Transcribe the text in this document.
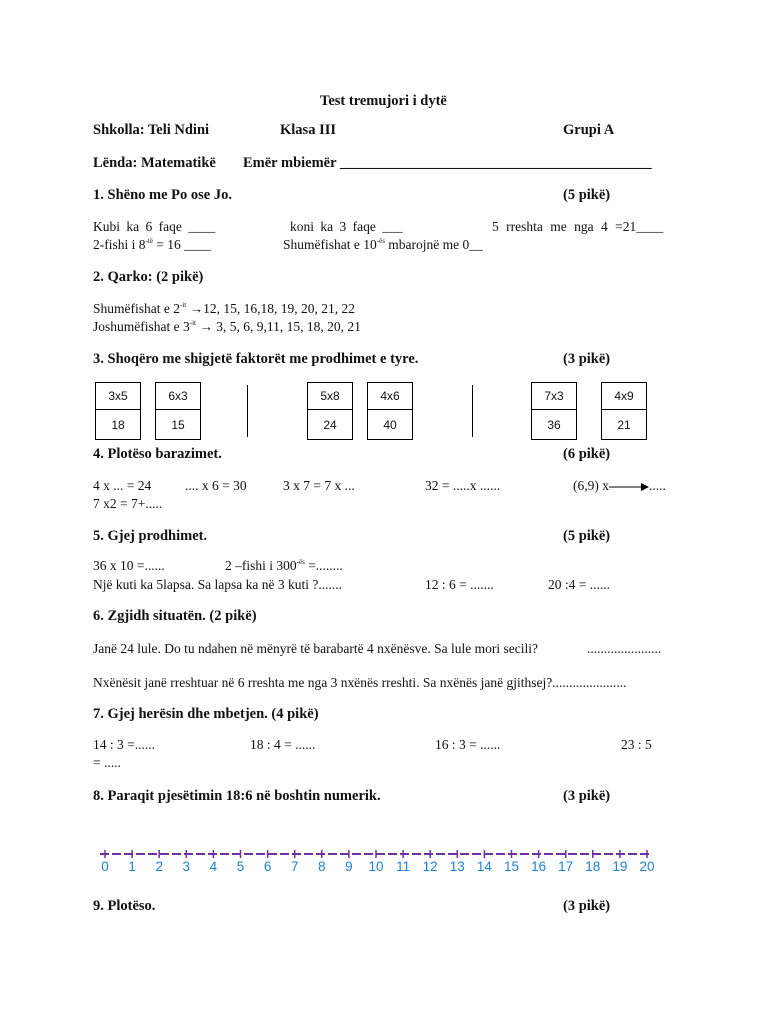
Test tremujori i dytë
Shkolla: Teli Ndini	Klasa III	Grupi A
Lënda: Matematikë Emër mbiemër ___________________________________________
1. Shëno me Po ose Jo.	(5 pikë)
Kubi ka 6 faqe ____	koni ka 3 faqe ___	5 rreshta me nga 4 =21____
2-fishi i $8^{-të} = 16$ ____	Shumëfishat e $10^{-ës}$ mbarojnë me 0__
2. Qarko: (2 pikë)
Shumëfishat e $2^{-it} \to 12$, 15, 16,18, 19, 20, 21, 22
Joshumëfishat e $3^{-it} \to 3$, 5, 6, 9,11, 15, 18, 20, 21
3. Shoqëro me shigjetë faktorët me prodhimet e tyre.	(3 pikë)
3x5
18
6x3
15
5x8
24
4x6
40
7x3
36
4x9
21
4. Plotëso barazimet.	(6 pikë)
4 x ... = 24	.... x 6 = 30	3 x 7 = 7 x ...	32 = .....x ......	(6,9) x	.....
7 x2 = 7+.....
5. Gjej prodhimet.	(5 pikë)
36 x 10 =......	2 –fishi i $300^{-ës}$ =........
Një kuti ka 5lapsa. Sa lapsa ka në 3 kuti ?.......	12 : 6 = .......	20 :4 = ......
6. Zgjidh situatën. (2 pikë)
Janë 24 lule. Do tu ndahen në mënyrë të barabartë 4 nxënësve. Sa lule mori secili?	......................
Nxënësit janë rreshtuar në 6 rreshta me nga 3 nxënës rreshti. Sa nxënës janë gjithsej?......................
7. Gjej herësin dhe mbetjen. (4 pikë)
14 : 3 =......	18 : 4 = ......	16 : 3 = ......	23 : 5
= .....
8. Paraqit pjesëtimin 18:6 në boshtin numerik.	(3 pikë)
0 1 2 3 4 5 6 7 8 9 10 11 12 13 14 15 16 17 18 19 20
9. Plotëso.	(3 pikë)
